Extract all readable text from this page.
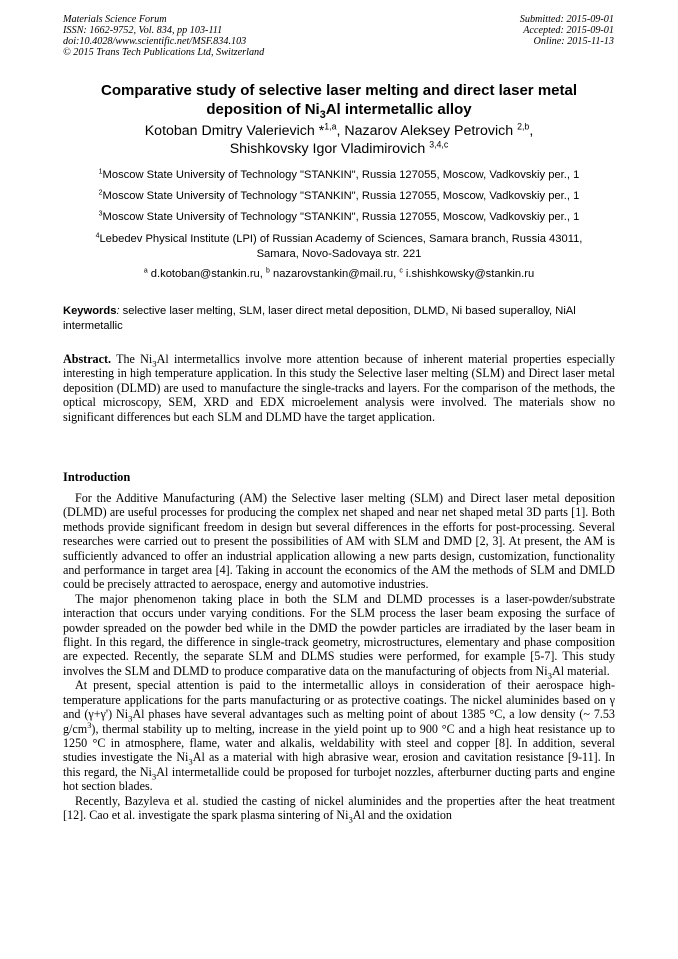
Materials Science Forum
ISSN: 1662-9752, Vol. 834, pp 103-111
doi:10.4028/www.scientific.net/MSF.834.103
© 2015 Trans Tech Publications Ltd, Switzerland
Submitted: 2015-09-01
Accepted: 2015-09-01
Online: 2015-11-13
Comparative study of selective laser melting and direct laser metal
deposition of $Ni_3Al$ intermetallic alloy
Kotoban Dmitry Valerievich *$^{1,a}$, Nazarov Aleksey Petrovich $^{2,b}$,
Shishkovsky Igor Vladimirovich $^{3,4,c}$
$^1$Moscow State University of Technology "STANKIN", Russia 127055, Moscow, Vadkovskiy per., 1
$^2$Moscow State University of Technology "STANKIN", Russia 127055, Moscow, Vadkovskiy per., 1
$^3$Moscow State University of Technology "STANKIN", Russia 127055, Moscow, Vadkovskiy per., 1
$^4$Lebedev Physical Institute (LPI) of Russian Academy of Sciences, Samara branch, Russia 43011,
Samara, Novo-Sadovaya str. 221
$^a$ d.kotoban@stankin.ru, $^b$ nazarovstankin@mail.ru, $^c$ i.shishkowsky@stankin.ru
Keywords: selective laser melting, SLM, laser direct metal deposition, DLMD, Ni based superalloy, NiAl intermetallic
Abstract. The $Ni_3Al$ intermetallics involve more attention because of inherent material properties especially interesting in high temperature application. In this study the Selective laser melting (SLM) and Direct laser metal deposition (DLMD) are used to manufacture the single-tracks and layers. For the comparison of the methods, the optical microscopy, SEM, XRD and EDX microelement analysis were involved. The materials show no significant differences but each SLM and DLMD have the target application.
Introduction

For the Additive Manufacturing (AM) the Selective laser melting (SLM) and Direct laser metal deposition (DLMD) are useful processes for producing the complex net shaped and near net shaped metal 3D parts [1]. Both methods provide significant freedom in design but several differences in the efforts for post-processing. Several researches were carried out to present the possibilities of AM with SLM and DMD [2, 3]. At present, the AM is sufficiently advanced to offer an industrial application allowing a new parts design, customization, functionality and performance in target area [4]. Taking in account the economics of the AM the methods of SLM and DMLD could be precisely attracted to aerospace, energy and automotive industries.

The major phenomenon taking place in both the SLM and DLMD processes is a laser-powder/substrate interaction that occurs under varying conditions. For the SLM process the laser beam exposing the surface of powder spreaded on the powder bed while in the DMD the powder particles are irradiated by the laser beam in flight. In this regard, the difference in single-track geometry, microstructures, elementary and phase composition are expected. Recently, the separate SLM and DLMS studies were performed, for example [5-7]. This study involves the SLM and DLMD to produce comparative data on the manufacturing of objects from $Ni_3Al$ material.

At present, special attention is paid to the intermetallic alloys in consideration of their aerospace high-temperature applications for the parts manufacturing or as protective coatings. The nickel aluminides based on γ and (γ+γ') $Ni_3Al$ phases have several advantages such as melting point of about 1385 °C, a low density (~ 7.53 $g/cm^3$), thermal stability up to melting, increase in the yield point up to 900 °C and a high heat resistance up to 1250 °C in atmosphere, flame, water and alkalis, weldability with steel and copper [8]. In addition, several studies investigate the $Ni_3Al$ as a material with high abrasive wear, erosion and cavitation resistance [9-11]. In this regard, the $Ni_3Al$ intermetallide could be proposed for turbojet nozzles, afterburner ducting parts and engine hot section blades.

Recently, Bazyleva et al. studied the casting of nickel aluminides and the properties after the heat treatment [12]. Cao et al. investigate the spark plasma sintering of $Ni_3Al$ and the oxidation
